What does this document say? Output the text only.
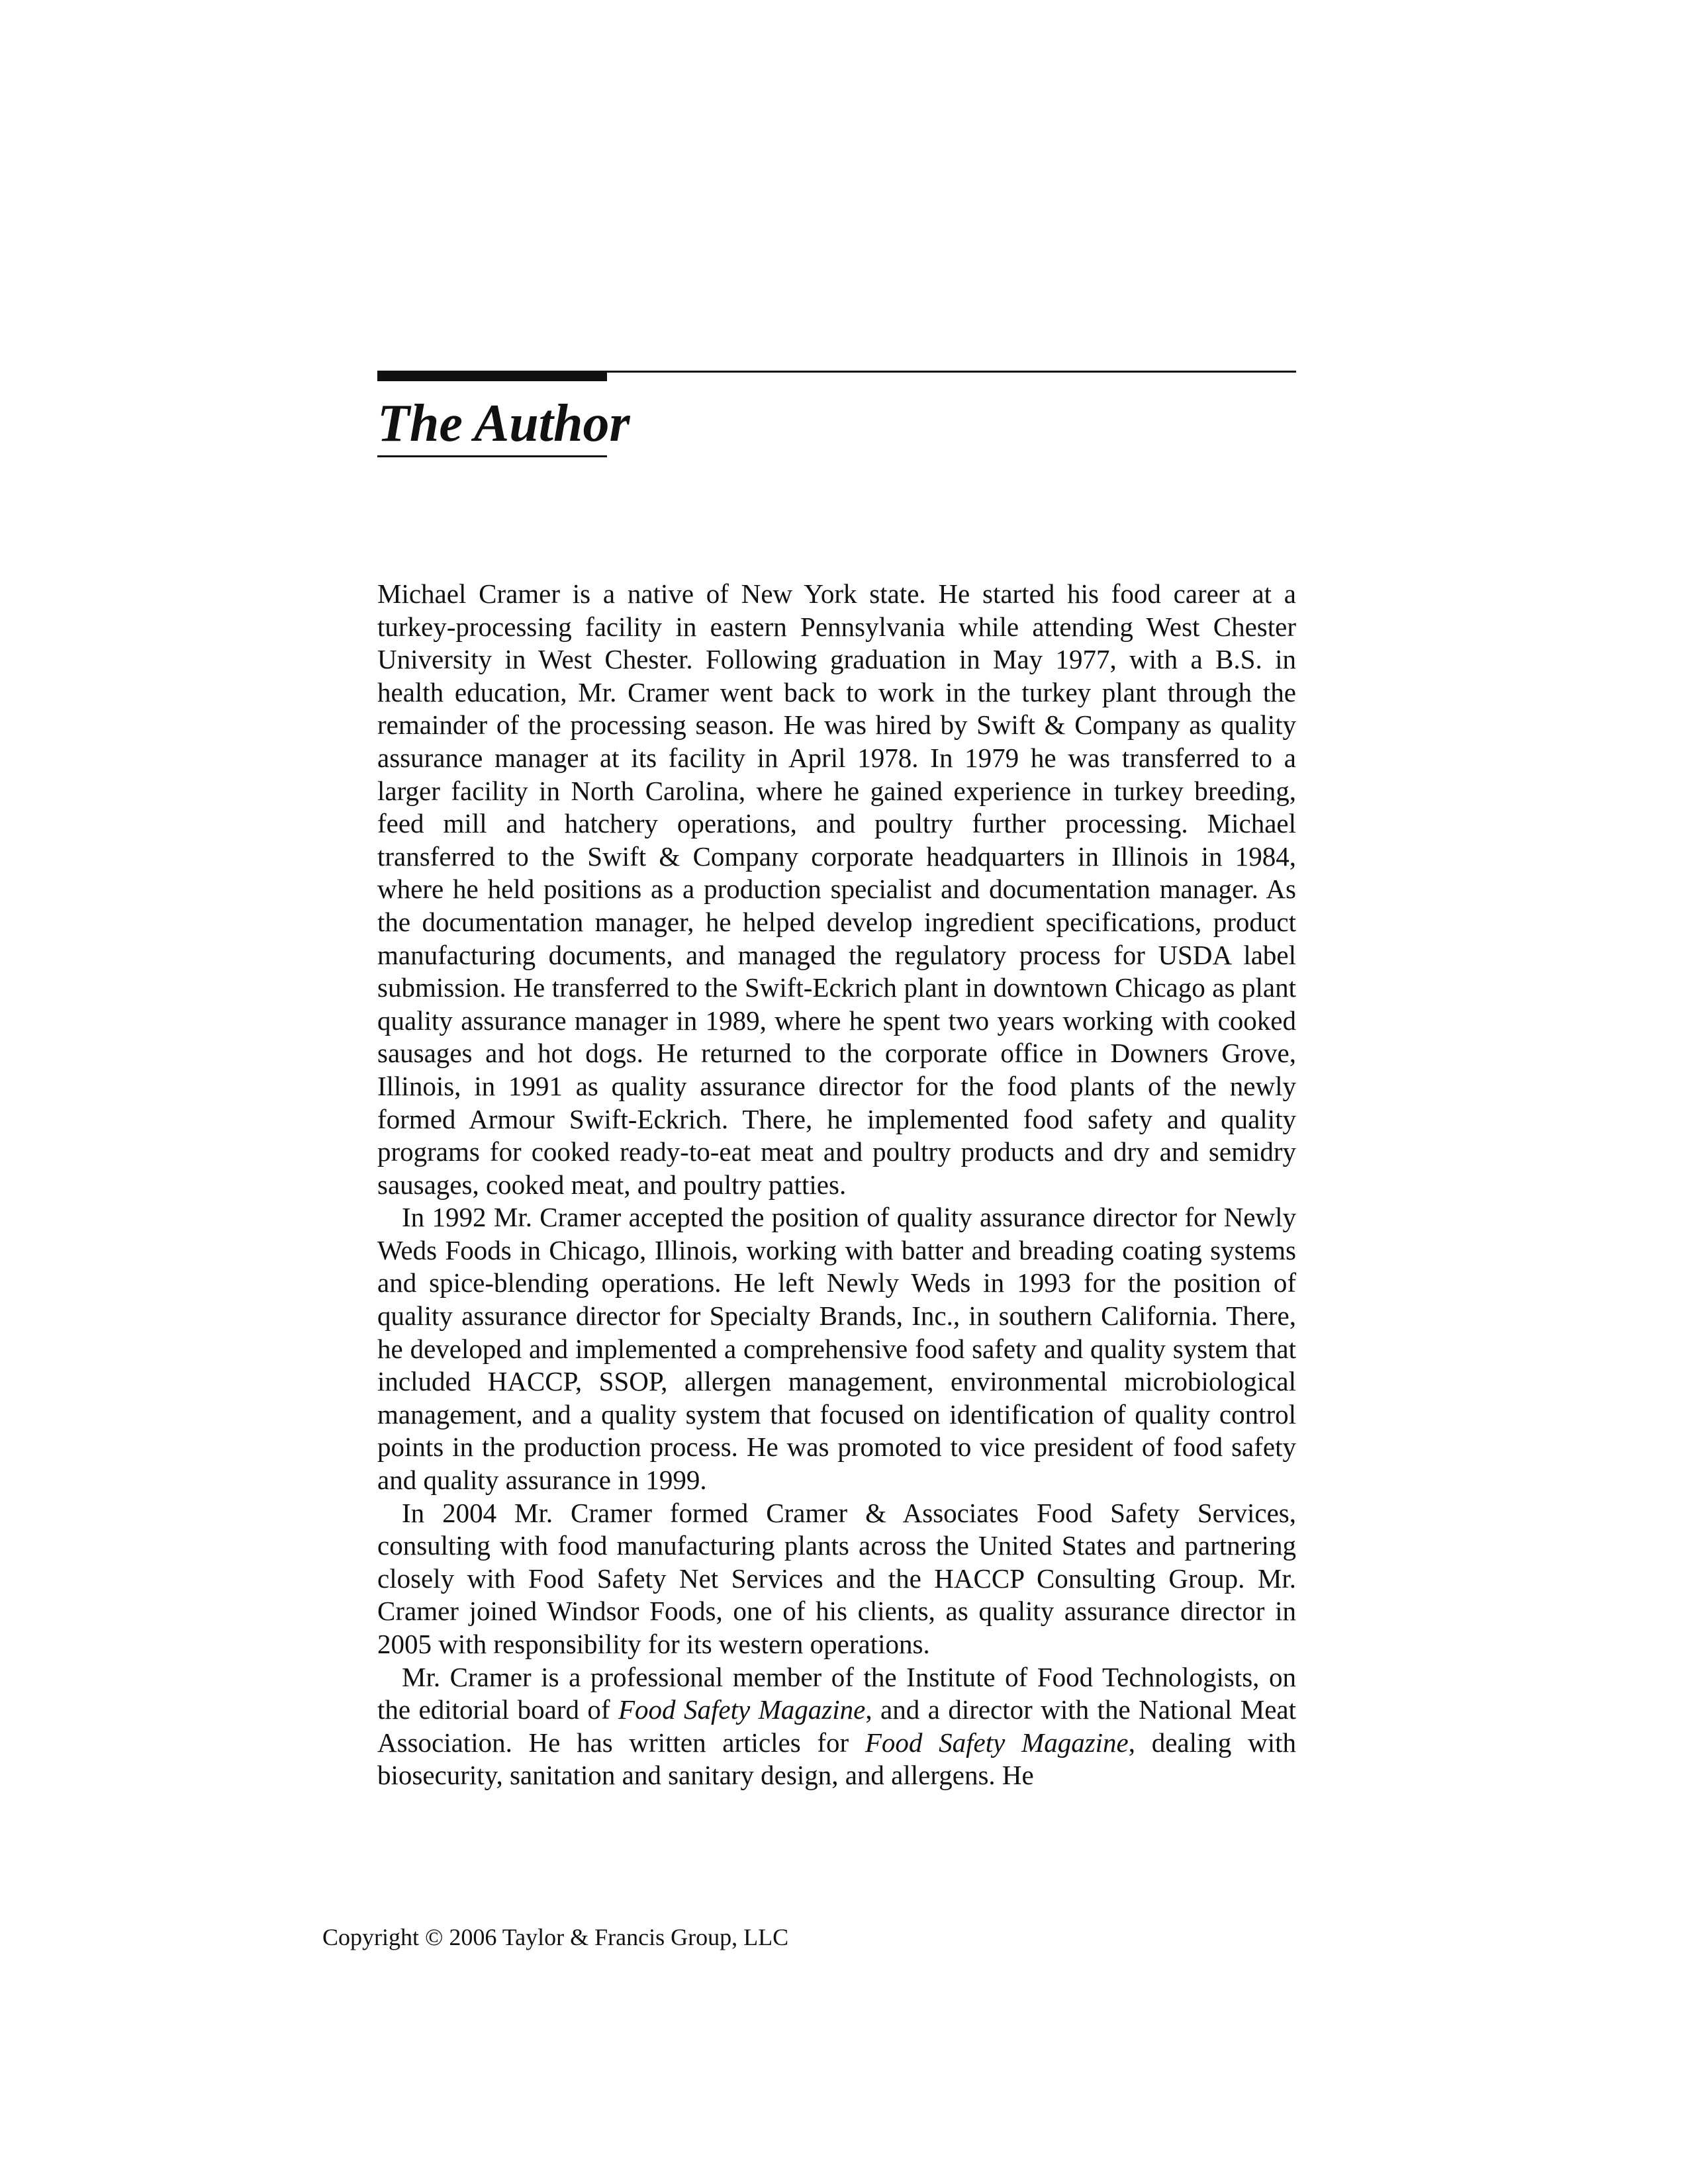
The Author

Michael Cramer is a native of New York state. He started his food career at a turkey-processing facility in eastern Pennsylvania while attending West Chester University in West Chester. Following graduation in May 1977, with a B.S. in health education, Mr. Cramer went back to work in the turkey plant through the remainder of the processing season. He was hired by Swift & Company as quality assurance manager at its facility in April 1978. In 1979 he was transferred to a larger facility in North Carolina, where he gained experience in turkey breeding, feed mill and hatchery operations, and poultry further processing. Michael transferred to the Swift & Company corporate headquarters in Illinois in 1984, where he held positions as a production specialist and documentation manager. As the documentation manager, he helped develop ingredient specifications, product manufacturing documents, and managed the regulatory process for USDA label submission. He transferred to the Swift-Eckrich plant in downtown Chicago as plant quality assurance manager in 1989, where he spent two years working with cooked sausages and hot dogs. He returned to the corporate office in Downers Grove, Illinois, in 1991 as quality assurance director for the food plants of the newly formed Armour Swift-Eckrich. There, he implemented food safety and quality programs for cooked ready-to-eat meat and poultry products and dry and semidry sausages, cooked meat, and poultry patties.

In 1992 Mr. Cramer accepted the position of quality assurance director for Newly Weds Foods in Chicago, Illinois, working with batter and breading coating systems and spice-blending operations. He left Newly Weds in 1993 for the position of quality assurance director for Specialty Brands, Inc., in southern California. There, he developed and implemented a comprehensive food safety and quality system that included HACCP, SSOP, allergen management, environmental microbiological management, and a quality system that focused on identification of quality control points in the production process. He was promoted to vice president of food safety and quality assurance in 1999.

In 2004 Mr. Cramer formed Cramer & Associates Food Safety Services, consulting with food manufacturing plants across the United States and partnering closely with Food Safety Net Services and the HACCP Consulting Group. Mr. Cramer joined Windsor Foods, one of his clients, as quality assurance director in 2005 with responsibility for its western operations.

Mr. Cramer is a professional member of the Institute of Food Technologists, on the editorial board of Food Safety Magazine, and a director with the National Meat Association. He has written articles for Food Safety Magazine, dealing with biosecurity, sanitation and sanitary design, and allergens. He

Copyright © 2006 Taylor & Francis Group, LLC
